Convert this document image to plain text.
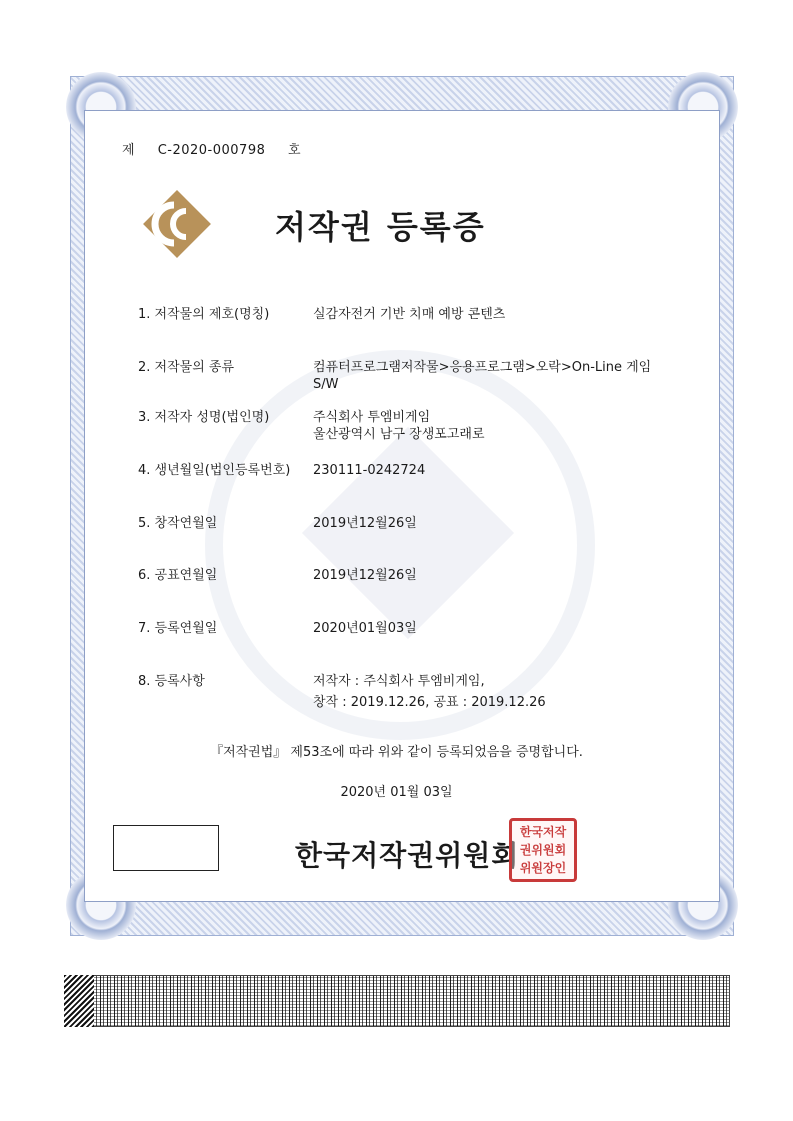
제 C-2020-000798 호
저작권 등록증
1. 저작물의 제호(명칭)	실감자전거 기반 치매 예방 콘텐츠
2. 저작물의 종류	컴퓨터프로그램저작물>응용프로그램>오락>On-Line 게임
S/W
3. 저작자 성명(법인명)	주식회사 투엠비게임
울산광역시 남구 장생포고래로
4. 생년월일(법인등록번호)	230111-0242724
5. 창작연월일	2019년12월26일
6. 공표연월일	2019년12월26일
7. 등록연월일	2020년01월03일
8. 등록사항	저작자 : 주식회사 투엠비게임,
창작 : 2019.12.26, 공표 : 2019.12.26
『저작권법』 제53조에 따라 위와 같이 등록되었음을 증명합니다.
2020년 01월 03일
한국저작권위원회
한국저작
권위원회
위원장인
